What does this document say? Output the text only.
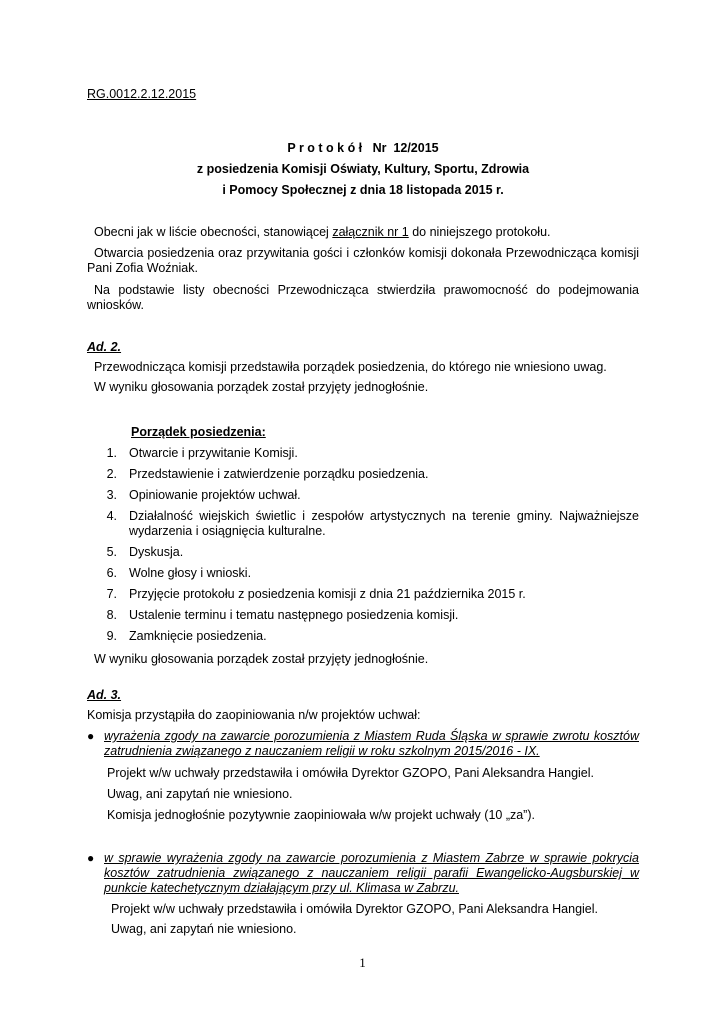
RG.0012.2.12.2015

P r o t o k ó ł   Nr  12/2015
z posiedzenia Komisji Oświaty, Kultury, Sportu, Zdrowia
i Pomocy Społecznej z dnia 18 listopada 2015 r.

Obecni jak w liście obecności, stanowiącej załącznik nr 1 do niniejszego protokołu.

Otwarcia posiedzenia oraz przywitania gości i członków komisji dokonała Przewodnicząca komisji Pani Zofia Woźniak.

Na podstawie listy obecności Przewodnicząca stwierdziła prawomocność do podejmowania wniosków.

Ad. 2.

Przewodnicząca komisji przedstawiła porządek posiedzenia, do którego nie wniesiono uwag.

W wyniku głosowania porządek został przyjęty jednogłośnie.

Porządek posiedzenia:

1. Otwarcie i przywitanie Komisji.
2. Przedstawienie i zatwierdzenie porządku posiedzenia.
3. Opiniowanie projektów uchwał.
4. Działalność wiejskich świetlic i zespołów artystycznych na terenie gminy. Najważniejsze wydarzenia i osiągnięcia kulturalne.
5. Dyskusja.
6. Wolne głosy i wnioski.
7. Przyjęcie protokołu z posiedzenia komisji z dnia 21 października 2015 r.
8. Ustalenie terminu i tematu następnego posiedzenia komisji.
9. Zamknięcie posiedzenia.

W wyniku głosowania porządek został przyjęty jednogłośnie.

Ad. 3.

Komisja przystąpiła do zaopiniowania n/w projektów uchwał:

● wyrażenia zgody na zawarcie porozumienia z Miastem Ruda Śląska w sprawie zwrotu kosztów zatrudnienia związanego z nauczaniem religii w roku szkolnym 2015/2016 - IX.

Projekt w/w uchwały przedstawiła i omówiła Dyrektor GZOPO, Pani Aleksandra Hangiel.

Uwag, ani zapytań nie wniesiono.

Komisja jednogłośnie pozytywnie zaopiniowała w/w projekt uchwały (10 „za”).

● w sprawie wyrażenia zgody na zawarcie porozumienia z Miastem Zabrze w sprawie pokrycia kosztów zatrudnienia związanego z nauczaniem religii parafii Ewangelicko-Augsburskiej w punkcie katechetycznym działającym przy ul. Klimasa w Zabrzu.

Projekt w/w uchwały przedstawiła i omówiła Dyrektor GZOPO, Pani Aleksandra Hangiel.

Uwag, ani zapytań nie wniesiono.

1
